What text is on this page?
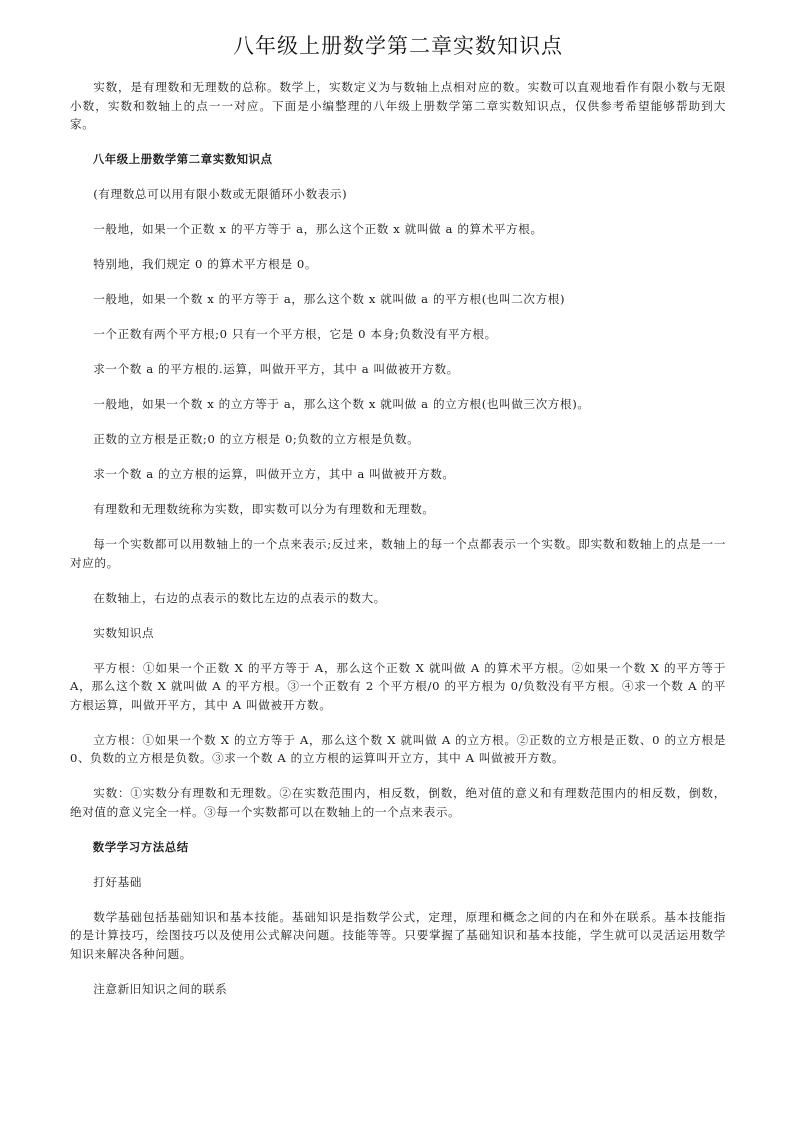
八年级上册数学第二章实数知识点

实数，是有理数和无理数的总称。数学上，实数定义为与数轴上点相对应的数。实数可以直观地看作有限小数与无限小数，实数和数轴上的点一一对应。下面是小编整理的八年级上册数学第二章实数知识点，仅供参考希望能够帮助到大家。

八年级上册数学第二章实数知识点

(有理数总可以用有限小数或无限循环小数表示)

一般地，如果一个正数 x 的平方等于 a，那么这个正数 x 就叫做 a 的算术平方根。

特别地，我们规定 0 的算术平方根是 0。

一般地，如果一个数 x 的平方等于 a，那么这个数 x 就叫做 a 的平方根(也叫二次方根)

一个正数有两个平方根;0 只有一个平方根，它是 0 本身;负数没有平方根。

求一个数 a 的平方根的.运算，叫做开平方，其中 a 叫做被开方数。

一般地，如果一个数 x 的立方等于 a，那么这个数 x 就叫做 a 的立方根(也叫做三次方根)。

正数的立方根是正数;0 的立方根是 0;负数的立方根是负数。

求一个数 a 的立方根的运算，叫做开立方，其中 a 叫做被开方数。

有理数和无理数统称为实数，即实数可以分为有理数和无理数。

每一个实数都可以用数轴上的一个点来表示;反过来，数轴上的每一个点都表示一个实数。即实数和数轴上的点是一一对应的。

在数轴上，右边的点表示的数比左边的点表示的数大。

实数知识点

平方根：①如果一个正数 X 的平方等于 A，那么这个正数 X 就叫做 A 的算术平方根。②如果一个数 X 的平方等于 A，那么这个数 X 就叫做 A 的平方根。③一个正数有 2 个平方根/0 的平方根为 0/负数没有平方根。④求一个数 A 的平方根运算，叫做开平方，其中 A 叫做被开方数。

立方根：①如果一个数 X 的立方等于 A，那么这个数 X 就叫做 A 的立方根。②正数的立方根是正数、0 的立方根是 0、负数的立方根是负数。③求一个数 A 的立方根的运算叫开立方，其中 A 叫做被开方数。

实数：①实数分有理数和无理数。②在实数范围内，相反数，倒数，绝对值的意义和有理数范围内的相反数，倒数，绝对值的意义完全一样。③每一个实数都可以在数轴上的一个点来表示。

数学学习方法总结

打好基础

数学基础包括基础知识和基本技能。基础知识是指数学公式，定理，原理和概念之间的内在和外在联系。基本技能指的是计算技巧，绘图技巧以及使用公式解决问题。技能等等。只要掌握了基础知识和基本技能，学生就可以灵活运用数学知识来解决各种问题。

注意新旧知识之间的联系
